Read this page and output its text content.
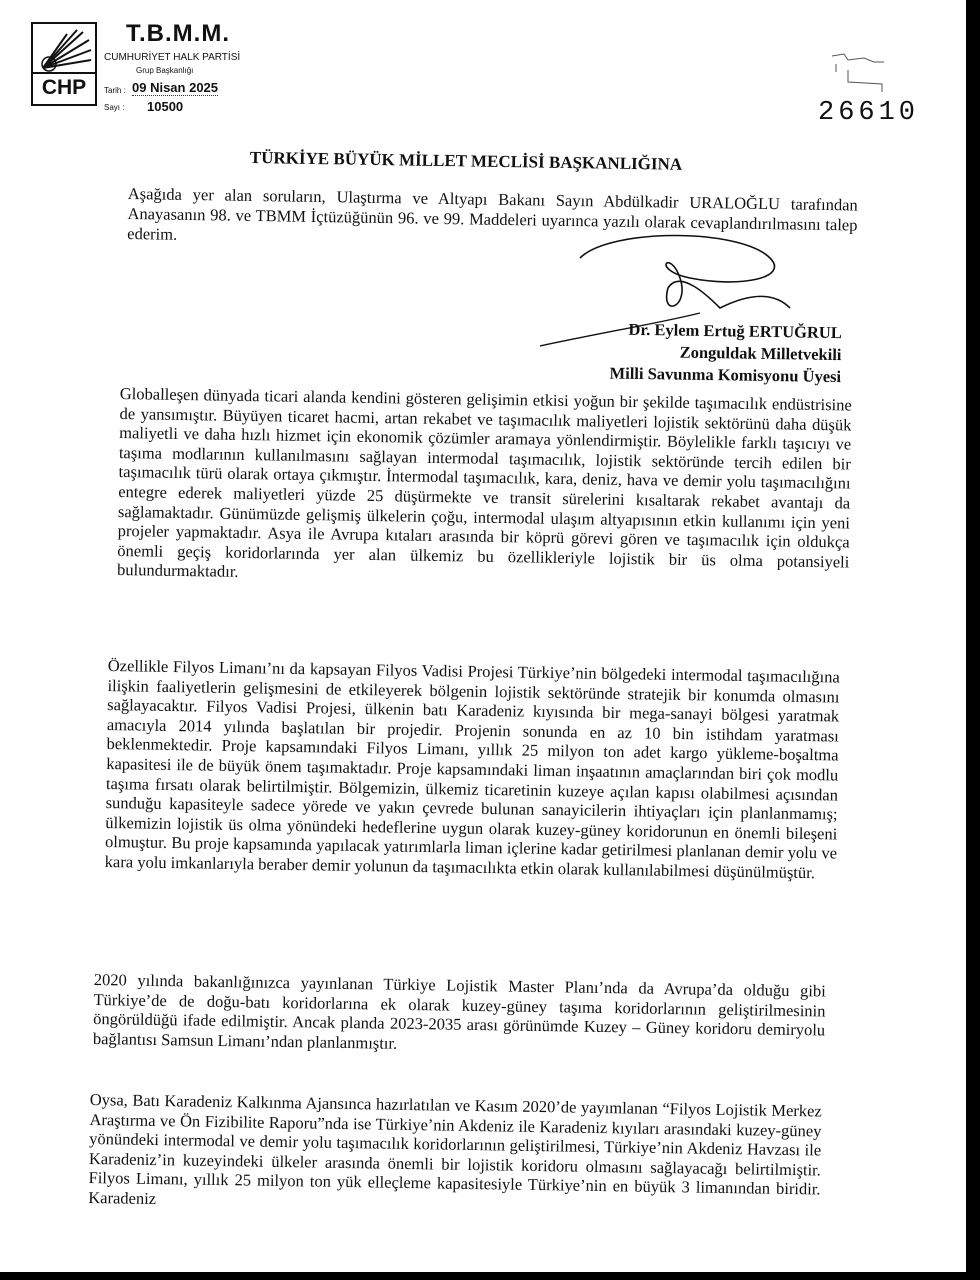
CHP
T.B.M.M.
CUMHURİYET HALK PARTİSİ
Grup Başkanlığı
Tarih : 09 Nisan 2025
Sayı : 10500	26610
TÜRKİYE BÜYÜK MİLLET MECLİSİ BAŞKANLIĞINA
Aşağıda yer alan soruların, Ulaştırma ve Altyapı Bakanı Sayın Abdülkadir URALOĞLU tarafından Anayasanın 98. ve TBMM İçtüzüğünün 96. ve 99. Maddeleri uyarınca yazılı olarak cevaplandırılmasını talep ederim.
Dr. Eylem Ertuğ ERTUĞRUL
Zonguldak Milletvekili
Milli Savunma Komisyonu Üyesi
Globalleşen dünyada ticari alanda kendini gösteren gelişimin etkisi yoğun bir şekilde taşımacılık endüstrisine de yansımıştır. Büyüyen ticaret hacmi, artan rekabet ve taşımacılık maliyetleri lojistik sektörünü daha düşük maliyetli ve daha hızlı hizmet için ekonomik çözümler aramaya yönlendirmiştir. Böylelikle farklı taşıcıyı ve taşıma modlarının kullanılmasını sağlayan intermodal taşımacılık, lojistik sektöründe tercih edilen bir taşımacılık türü olarak ortaya çıkmıştır. İntermodal taşımacılık, kara, deniz, hava ve demir yolu taşımacılığını entegre ederek maliyetleri yüzde 25 düşürmekte ve transit sürelerini kısaltarak rekabet avantajı da sağlamaktadır. Günümüzde gelişmiş ülkelerin çoğu, intermodal ulaşım altyapısının etkin kullanımı için yeni projeler yapmaktadır. Asya ile Avrupa kıtaları arasında bir köprü görevi gören ve taşımacılık için oldukça önemli geçiş koridorlarında yer alan ülkemiz bu özellikleriyle lojistik bir üs olma potansiyeli bulundurmaktadır.
Özellikle Filyos Limanı’nı da kapsayan Filyos Vadisi Projesi Türkiye’nin bölgedeki intermodal taşımacılığına ilişkin faaliyetlerin gelişmesini de etkileyerek bölgenin lojistik sektöründe stratejik bir konumda olmasını sağlayacaktır. Filyos Vadisi Projesi, ülkenin batı Karadeniz kıyısında bir mega-sanayi bölgesi yaratmak amacıyla 2014 yılında başlatılan bir projedir. Projenin sonunda en az 10 bin istihdam yaratması beklenmektedir. Proje kapsamındaki Filyos Limanı, yıllık 25 milyon ton adet kargo yükleme-boşaltma kapasitesi ile de büyük önem taşımaktadır. Proje kapsamındaki liman inşaatının amaçlarından biri çok modlu taşıma fırsatı olarak belirtilmiştir. Bölgemizin, ülkemiz ticaretinin kuzeye açılan kapısı olabilmesi açısından sunduğu kapasiteyle sadece yörede ve yakın çevrede bulunan sanayicilerin ihtiyaçları için planlanmamış; ülkemizin lojistik üs olma yönündeki hedeflerine uygun olarak kuzey-güney koridorunun en önemli bileşeni olmuştur. Bu proje kapsamında yapılacak yatırımlarla liman içlerine kadar getirilmesi planlanan demir yolu ve kara yolu imkanlarıyla beraber demir yolunun da taşımacılıkta etkin olarak kullanılabilmesi düşünülmüştür.
2020 yılında bakanlığınızca yayınlanan Türkiye Lojistik Master Planı’nda da Avrupa’da olduğu gibi Türkiye’de de doğu-batı koridorlarına ek olarak kuzey-güney taşıma koridorlarının geliştirilmesinin öngörüldüğü ifade edilmiştir. Ancak planda 2023-2035 arası görünümde Kuzey – Güney koridoru demiryolu bağlantısı Samsun Limanı’ndan planlanmıştır.
Oysa, Batı Karadeniz Kalkınma Ajansınca hazırlatılan ve Kasım 2020’de yayımlanan “Filyos Lojistik Merkez Araştırma ve Ön Fizibilite Raporu”nda ise Türkiye’nin Akdeniz ile Karadeniz kıyıları arasındaki kuzey-güney yönündeki intermodal ve demir yolu taşımacılık koridorlarının geliştirilmesi, Türkiye’nin Akdeniz Havzası ile Karadeniz’in kuzeyindeki ülkeler arasında önemli bir lojistik koridoru olmasını sağlayacağı belirtilmiştir. Filyos Limanı, yıllık 25 milyon ton yük elleçleme kapasitesiyle Türkiye’nin en büyük 3 limanından biridir. Karadeniz
